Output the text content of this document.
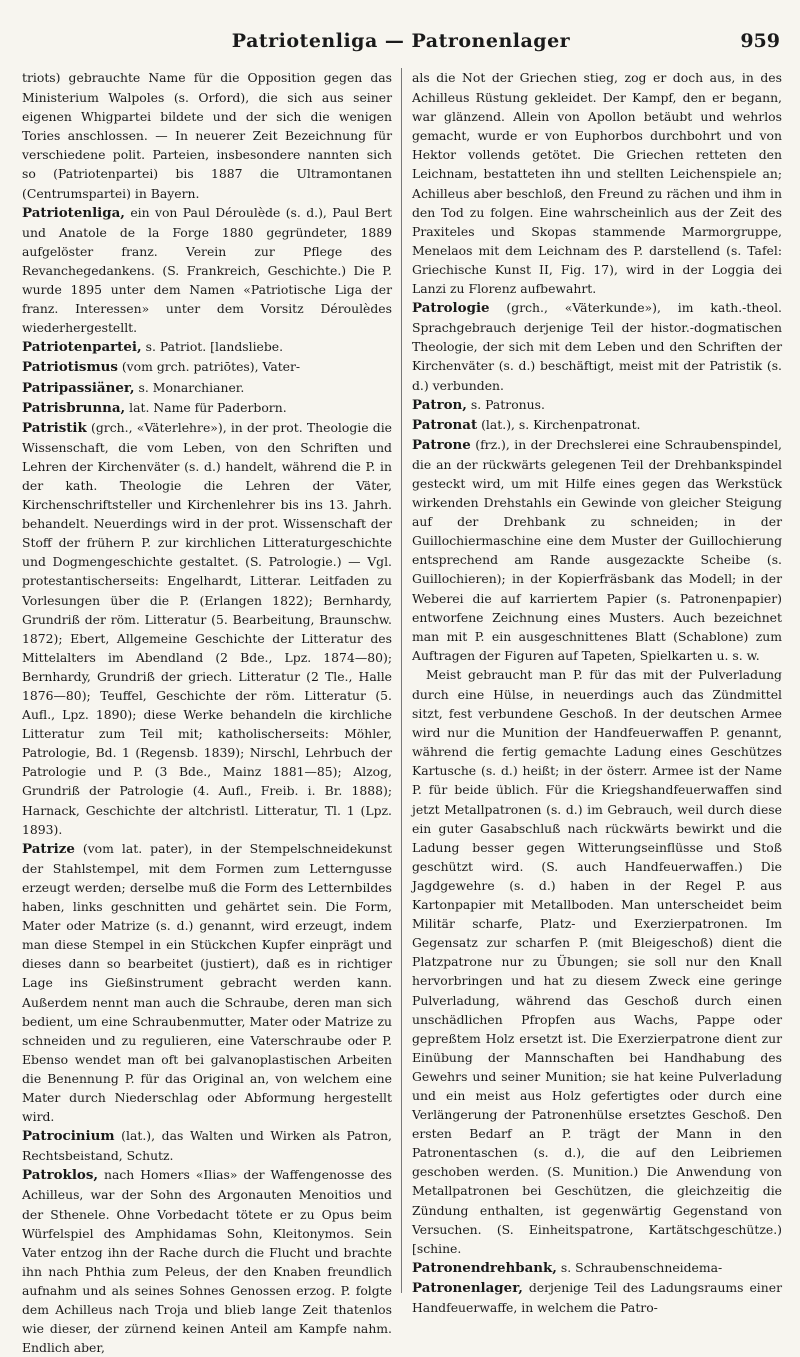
Patriotenliga — Patronenlager	959

triots) gebrauchte Name für die Opposition gegen das Ministerium Walpoles (s. Orford), die sich aus seiner eigenen Whigpartei bildete und der sich die wenigen Tories anschlossen. — In neuerer Zeit Bezeichnung für verschiedene polit. Parteien, insbesondere nannten sich so (Patriotenpartei) bis 1887 die Ultramontanen (Centrumspartei) in Bayern.

Patriotenliga, ein von Paul Déroulède (s. d.), Paul Bert und Anatole de la Forge 1880 gegründeter, 1889 aufgelöster franz. Verein zur Pflege des Revanchegedankens. (S. Frankreich, Geschichte.) Die P. wurde 1895 unter dem Namen «Patriotische Liga der franz. Interessen» unter dem Vorsitz Déroulèdes wiederhergestellt.

Patriotenpartei, s. Patriot. [landsliebe.

Patriotismus (vom grch. patriōtes), Vater-

Patripassiäner, s. Monarchianer.

Patrisbrunna, lat. Name für Paderborn.

Patristik (grch., «Väterlehre»), in der prot. Theologie die Wissenschaft, die vom Leben, von den Schriften und Lehren der Kirchenväter (s. d.) handelt, während die P. in der kath. Theologie die Lehren der Väter, Kirchenschriftsteller und Kirchenlehrer bis ins 13. Jahrh. behandelt. Neuerdings wird in der prot. Wissenschaft der Stoff der frühern P. zur kirchlichen Litteraturgeschichte und Dogmengeschichte gestaltet. (S. Patrologie.) — Vgl. protestantischerseits: Engelhardt, Litterar. Leitfaden zu Vorlesungen über die P. (Erlangen 1822); Bernhardy, Grundriß der röm. Litteratur (5. Bearbeitung, Braunschw. 1872); Ebert, Allgemeine Geschichte der Litteratur des Mittelalters im Abendland (2 Bde., Lpz. 1874—80); Bernhardy, Grundriß der griech. Litteratur (2 Tle., Halle 1876—80); Teuffel, Geschichte der röm. Litteratur (5. Aufl., Lpz. 1890); diese Werke behandeln die kirchliche Litteratur zum Teil mit; katholischerseits: Möhler, Patrologie, Bd. 1 (Regensb. 1839); Nirschl, Lehrbuch der Patrologie und P. (3 Bde., Mainz 1881—85); Alzog, Grundriß der Patrologie (4. Aufl., Freib. i. Br. 1888); Harnack, Geschichte der altchristl. Litteratur, Tl. 1 (Lpz. 1893).

Patrize (vom lat. pater), in der Stempelschneidekunst der Stahlstempel, mit dem Formen zum Letterngusse erzeugt werden; derselbe muß die Form des Letternbildes haben, links geschnitten und gehärtet sein. Die Form, Mater oder Matrize (s. d.) genannt, wird erzeugt, indem man diese Stempel in ein Stückchen Kupfer einprägt und dieses dann so bearbeitet (justiert), daß es in richtiger Lage ins Gießinstrument gebracht werden kann. Außerdem nennt man auch die Schraube, deren man sich bedient, um eine Schraubenmutter, Mater oder Matrize zu schneiden und zu regulieren, eine Vaterschraube oder P. Ebenso wendet man oft bei galvanoplastischen Arbeiten die Benennung P. für das Original an, von welchem eine Mater durch Niederschlag oder Abformung hergestellt wird.

Patrocinium (lat.), das Walten und Wirken als Patron, Rechtsbeistand, Schutz.

Patroklos, nach Homers «Ilias» der Waffengenosse des Achilleus, war der Sohn des Argonauten Menoitios und der Sthenele. Ohne Vorbedacht tötete er zu Opus beim Würfelspiel des Amphidamas Sohn, Kleitonymos. Sein Vater entzog ihn der Rache durch die Flucht und brachte ihn nach Phthia zum Peleus, der den Knaben freundlich aufnahm und als seines Sohnes Genossen erzog. P. folgte dem Achilleus nach Troja und blieb lange Zeit thatenlos wie dieser, der zürnend keinen Anteil am Kampfe nahm. Endlich aber,

als die Not der Griechen stieg, zog er doch aus, in des Achilleus Rüstung gekleidet. Der Kampf, den er begann, war glänzend. Allein von Apollon betäubt und wehrlos gemacht, wurde er von Euphorbos durchbohrt und von Hektor vollends getötet. Die Griechen retteten den Leichnam, bestatteten ihn und stellten Leichenspiele an; Achilleus aber beschloß, den Freund zu rächen und ihm in den Tod zu folgen. Eine wahrscheinlich aus der Zeit des Praxiteles und Skopas stammende Marmorgruppe, Menelaos mit dem Leichnam des P. darstellend (s. Tafel: Griechische Kunst II, Fig. 17), wird in der Loggia dei Lanzi zu Florenz aufbewahrt.

Patrologie (grch., «Väterkunde»), im kath.-theol. Sprachgebrauch derjenige Teil der histor.-dogmatischen Theologie, der sich mit dem Leben und den Schriften der Kirchenväter (s. d.) beschäftigt, meist mit der Patristik (s. d.) verbunden.

Patron, s. Patronus.

Patronat (lat.), s. Kirchenpatronat.

Patrone (frz.), in der Drechslerei eine Schraubenspindel, die an der rückwärts gelegenen Teil der Drehbankspindel gesteckt wird, um mit Hilfe eines gegen das Werkstück wirkenden Drehstahls ein Gewinde von gleicher Steigung auf der Drehbank zu schneiden; in der Guillochiermaschine eine dem Muster der Guillochierung entsprechend am Rande ausgezackte Scheibe (s. Guillochieren); in der Kopierfräsbank das Modell; in der Weberei die auf karriertem Papier (s. Patronenpapier) entworfene Zeichnung eines Musters. Auch bezeichnet man mit P. ein ausgeschnittenes Blatt (Schablone) zum Auftragen der Figuren auf Tapeten, Spielkarten u. s. w.

Meist gebraucht man P. für das mit der Pulverladung durch eine Hülse, in neuerdings auch das Zündmittel sitzt, fest verbundene Geschoß. In der deutschen Armee wird nur die Munition der Handfeuerwaffen P. genannt, während die fertig gemachte Ladung eines Geschützes Kartusche (s. d.) heißt; in der österr. Armee ist der Name P. für beide üblich. Für die Kriegshandfeuerwaffen sind jetzt Metallpatronen (s. d.) im Gebrauch, weil durch diese ein guter Gasabschluß nach rückwärts bewirkt und die Ladung besser gegen Witterungseinflüsse und Stoß geschützt wird. (S. auch Handfeuerwaffen.) Die Jagdgewehre (s. d.) haben in der Regel P. aus Kartonpapier mit Metallboden. Man unterscheidet beim Militär scharfe, Platz- und Exerzierpatronen. Im Gegensatz zur scharfen P. (mit Bleigeschoß) dient die Platzpatrone nur zu Übungen; sie soll nur den Knall hervorbringen und hat zu diesem Zweck eine geringe Pulverladung, während das Geschoß durch einen unschädlichen Pfropfen aus Wachs, Pappe oder gepreßtem Holz ersetzt ist. Die Exerzierpatrone dient zur Einübung der Mannschaften bei Handhabung des Gewehrs und seiner Munition; sie hat keine Pulverladung und ein meist aus Holz gefertigtes oder durch eine Verlängerung der Patronenhülse ersetztes Geschoß. Den ersten Bedarf an P. trägt der Mann in den Patronentaschen (s. d.), die auf den Leibriemen geschoben werden. (S. Munition.) Die Anwendung von Metallpatronen bei Geschützen, die gleichzeitig die Zündung enthalten, ist gegenwärtig Gegenstand von Versuchen. (S. Einheitspatrone, Kartätschgeschütze.) [schine.

Patronendrehbank, s. Schraubenschneidema-

Patronenlager, derjenige Teil des Ladungsraums einer Handfeuerwaffe, in welchem die Patro-
